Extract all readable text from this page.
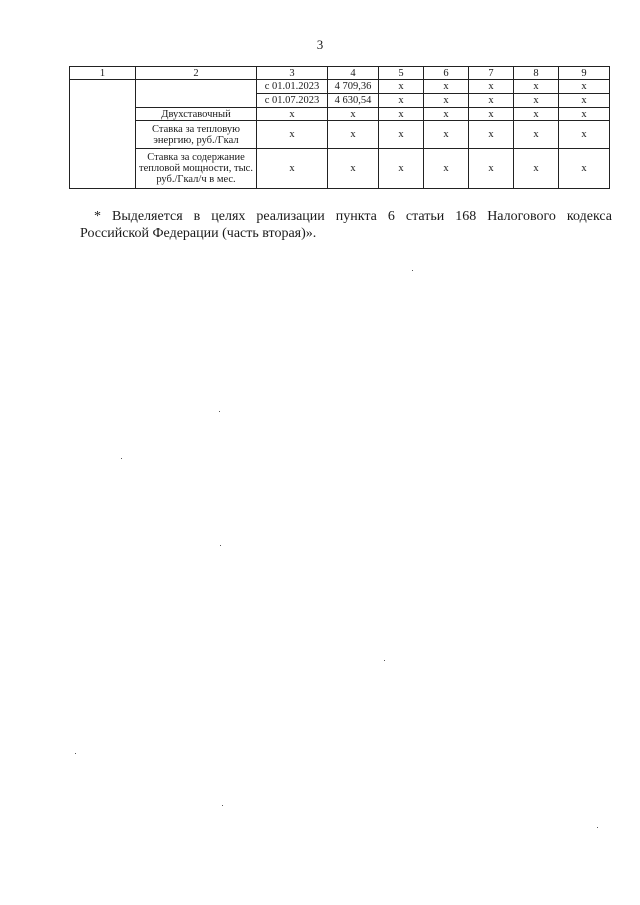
3
1	2	3	4	5	6	7	8	9
		с 01.01.2023	4 709,36	х	х	х	х	х
		с 01.07.2023	4 630,54	х	х	х	х	х
	Двухставочный	х	х	х	х	х	х	х
	Ставка за тепловую энергию, руб./Гкал	х	х	х	х	х	х	х
	Ставка за содержание тепловой мощности, тыс. руб./Гкал/ч в мес.	х	х	х	х	х	х	х

* Выделяется в целях реализации пункта 6 статьи 168 Налогового кодекса
Российской Федерации (часть вторая)».
